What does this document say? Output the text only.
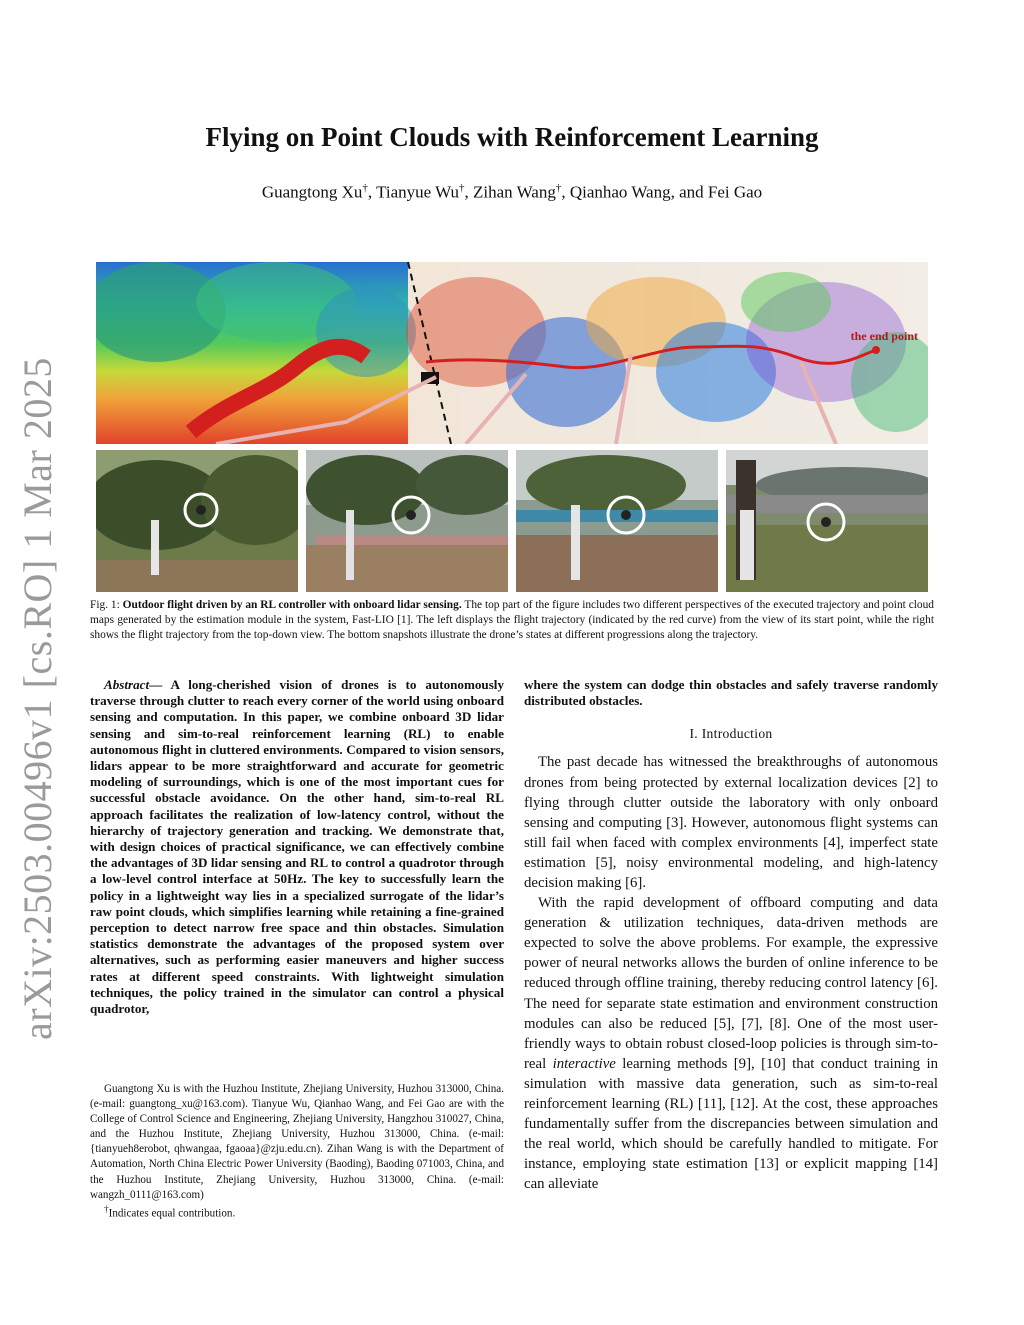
arXiv:2503.00496v1 [cs.RO] 1 Mar 2025
Flying on Point Clouds with Reinforcement Learning
Guangtong Xu†, Tianyue Wu†, Zihan Wang†, Qianhao Wang, and Fei Gao
the end point

Fig. 1: Outdoor flight driven by an RL controller with onboard lidar sensing. The top part of the figure includes two different perspectives of the executed trajectory and point cloud maps generated by the estimation module in the system, Fast-LIO [1]. The left displays the flight trajectory (indicated by the red curve) from the view of its start point, while the right shows the flight trajectory from the top-down view. The bottom snapshots illustrate the drone’s states at different progressions along the trajectory.

Abstract— A long-cherished vision of drones is to autonomously traverse through clutter to reach every corner of the world using onboard sensing and computation. In this paper, we combine onboard 3D lidar sensing and sim-to-real reinforcement learning (RL) to enable autonomous flight in cluttered environments. Compared to vision sensors, lidars appear to be more straightforward and accurate for geometric modeling of surroundings, which is one of the most important cues for successful obstacle avoidance. On the other hand, sim-to-real RL approach facilitates the realization of low-latency control, without the hierarchy of trajectory generation and tracking. We demonstrate that, with design choices of practical significance, we can effectively combine the advantages of 3D lidar sensing and RL to control a quadrotor through a low-level control interface at 50Hz. The key to successfully learn the policy in a lightweight way lies in a specialized surrogate of the lidar’s raw point clouds, which simplifies learning while retaining a fine-grained perception to detect narrow free space and thin obstacles. Simulation statistics demonstrate the advantages of the proposed system over alternatives, such as performing easier maneuvers and higher success rates at different speed constraints. With lightweight simulation techniques, the policy trained in the simulator can control a physical quadrotor,

Guangtong Xu is with the Huzhou Institute, Zhejiang University, Huzhou 313000, China. (e-mail: guangtong_xu@163.com). Tianyue Wu, Qianhao Wang, and Fei Gao are with the College of Control Science and Engineering, Zhejiang University, Hangzhou 310027, China, and the Huzhou Institute, Zhejiang University, Huzhou 313000, China. (e-mail: {tianyueh8erobot, qhwangaa, fgaoaa}@zju.edu.cn). Zihan Wang is with the Department of Automation, North China Electric Power University (Baoding), Baoding 071003, China, and the Huzhou Institute, Zhejiang University, Huzhou 313000, China. (e-mail: wangzh_0111@163.com)

†Indicates equal contribution.

where the system can dodge thin obstacles and safely traverse randomly distributed obstacles.

I. Introduction

The past decade has witnessed the breakthroughs of autonomous drones from being protected by external localization devices [2] to flying through clutter outside the laboratory with only onboard sensing and computing [3]. However, autonomous flight systems can still fail when faced with complex environments [4], imperfect state estimation [5], noisy environmental modeling, and high-latency decision making [6].

With the rapid development of offboard computing and data generation & utilization techniques, data-driven methods are expected to solve the above problems. For example, the expressive power of neural networks allows the burden of online inference to be reduced through offline training, thereby reducing control latency [6]. The need for separate state estimation and environment construction modules can also be reduced [5], [7], [8]. One of the most user-friendly ways to obtain robust closed-loop policies is through sim-to-real interactive learning methods [9], [10] that conduct training in simulation with massive data generation, such as sim-to-real reinforcement learning (RL) [11], [12]. At the cost, these approaches fundamentally suffer from the discrepancies between simulation and the real world, which should be carefully handled to mitigate. For instance, employing state estimation [13] or explicit mapping [14] can alleviate
